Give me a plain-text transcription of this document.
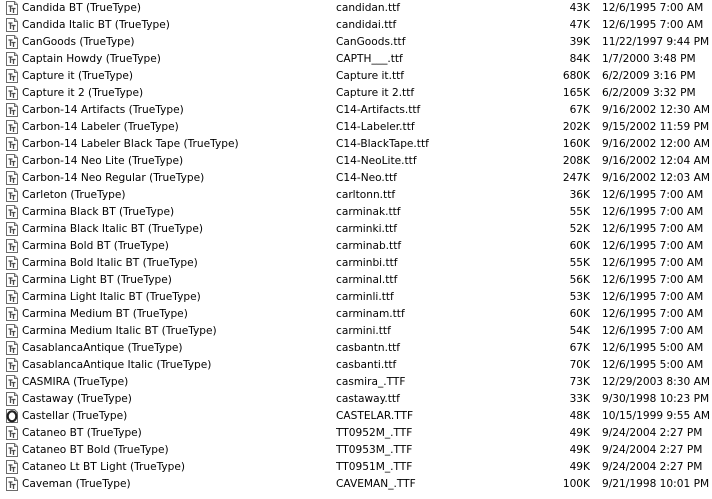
Candida BT (TrueType)	candidan.ttf	43K 12/6/1995 7:00 AM
Candida Italic BT (TrueType)	candidai.ttf	47K 12/6/1995 7:00 AM
CanGoods (TrueType)	CanGoods.ttf	39K 11/22/1997 9:44 PM
Captain Howdy (TrueType)	CAPTH___.ttf	84K 1/7/2000 3:48 PM
Capture it (TrueType)	Capture it.ttf	680K 6/2/2009 3:16 PM
Capture it 2 (TrueType)	Capture it 2.ttf	165K 6/2/2009 3:32 PM
Carbon-14 Artifacts (TrueType)	C14-Artifacts.ttf	67K 9/16/2002 12:30 AM
Carbon-14 Labeler (TrueType)	C14-Labeler.ttf	202K 9/15/2002 11:59 PM
Carbon-14 Labeler Black Tape (TrueType)	C14-BlackTape.ttf	160K 9/16/2002 12:00 AM
Carbon-14 Neo Lite (TrueType)	C14-NeoLite.ttf	208K 9/16/2002 12:04 AM
Carbon-14 Neo Regular (TrueType)	C14-Neo.ttf	247K 9/16/2002 12:03 AM
Carleton (TrueType)	carltonn.ttf	36K 12/6/1995 7:00 AM
Carmina Black BT (TrueType)	carminak.ttf	55K 12/6/1995 7:00 AM
Carmina Black Italic BT (TrueType)	carminki.ttf	52K 12/6/1995 7:00 AM
Carmina Bold BT (TrueType)	carminab.ttf	60K 12/6/1995 7:00 AM
Carmina Bold Italic BT (TrueType)	carminbi.ttf	55K 12/6/1995 7:00 AM
Carmina Light BT (TrueType)	carminal.ttf	56K 12/6/1995 7:00 AM
Carmina Light Italic BT (TrueType)	carminli.ttf	53K 12/6/1995 7:00 AM
Carmina Medium BT (TrueType)	carminam.ttf	60K 12/6/1995 7:00 AM
Carmina Medium Italic BT (TrueType)	carmini.ttf	54K 12/6/1995 7:00 AM
CasablancaAntique (TrueType)	casbantn.ttf	67K 12/6/1995 5:00 AM
CasablancaAntique Italic (TrueType)	casbanti.ttf	70K 12/6/1995 5:00 AM
CASMIRA (TrueType)	casmira_.TTF	73K 12/29/2003 8:30 AM
Castaway (TrueType)	castaway.ttf	33K 9/30/1998 10:23 PM
Castellar (TrueType)	CASTELAR.TTF	48K 10/15/1999 9:55 AM
Cataneo BT (TrueType)	TT0952M_.TTF	49K 9/24/2004 2:27 PM
Cataneo BT Bold (TrueType)	TT0953M_.TTF	49K 9/24/2004 2:27 PM
Cataneo Lt BT Light (TrueType)	TT0951M_.TTF	49K 9/24/2004 2:27 PM
Caveman (TrueType)	CAVEMAN_.TTF	100K 9/21/1998 10:01 PM
